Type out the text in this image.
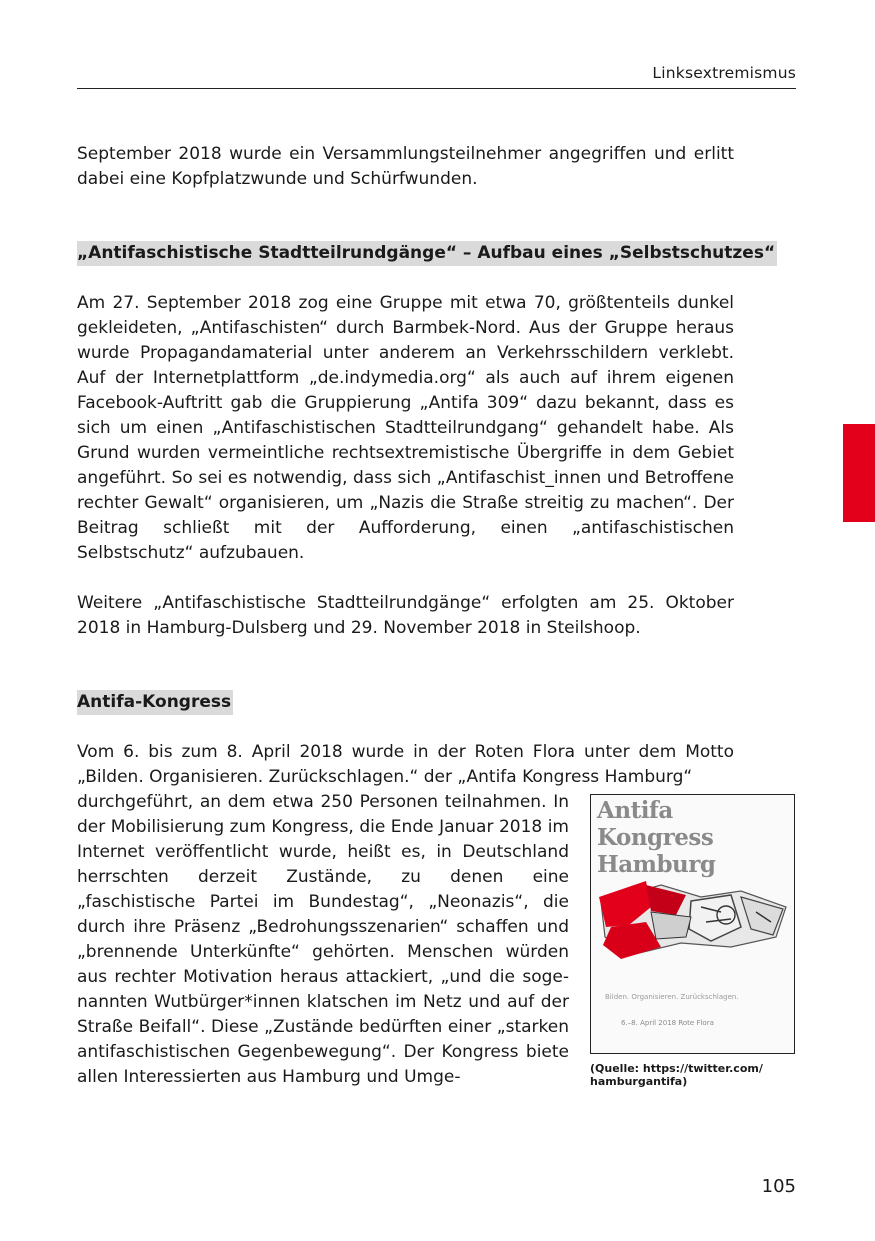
Linksextremismus

September 2018 wurde ein Versammlungsteilnehmer angegriffen und erlitt dabei eine Kopfplatzwunde und Schürfwunden.

„Antifaschistische Stadtteilrundgänge“ – Aufbau eines „Selbstschutzes“

Am 27. September 2018 zog eine Gruppe mit etwa 70, größtenteils dunkel gekleideten, „Antifaschisten“ durch Barmbek-Nord. Aus der Gruppe heraus wurde Propagandamaterial unter anderem an Verkehrsschildern verklebt. Auf der Internetplattform „de.indymedia.org“ als auch auf ihrem eigenen Facebook-Auftritt gab die Gruppierung „Antifa 309“ dazu bekannt, dass es sich um einen „Antifaschistischen Stadtteilrundgang“ gehandelt habe. Als Grund wurden vermeintliche rechtsextremistische Übergriffe in dem Gebiet angeführt. So sei es notwendig, dass sich „Antifaschist_innen und Betroffene rechter Gewalt“ organisieren, um „Nazis die Straße streitig zu machen“. Der Beitrag schließt mit der Aufforderung, einen „antifaschistischen Selbstschutz“ aufzubauen.

Weitere „Antifaschistische Stadtteilrundgänge“ erfolgten am 25. Oktober 2018 in Hamburg-Dulsberg und 29. November 2018 in Steilshoop.

Antifa-Kongress

Vom 6. bis zum 8. April 2018 wurde in der Roten Flora unter dem Motto „Bilden. Organisieren. Zurückschlagen.“ der „Antifa Kongress Hamburg“

durchgeführt, an dem etwa 250 Personen teilnahmen. In der Mobilisierung zum Kongress, die Ende Januar 2018 im Internet veröffentlicht wurde, heißt es, in Deutschland herrschten derzeit Zustände, zu denen eine „faschistische Partei im Bundestag“, „Neonazis“, die durch ihre Präsenz „Bedrohungsszenarien“ schaffen und „brennende Unterkünfte“ gehörten. Menschen würden aus rechter Motivation heraus attackiert, „und die sogenannten Wutbürger*innen klatschen im Netz und auf der Straße Beifall“. Diese „Zustände bedürften einer „starken antifaschistischen Gegenbewegung“. Der Kongress biete allen Interessierten aus Hamburg und Umge-

Antifa Kongress Hamburg
Bilden. Organisieren. Zurückschlagen.
6.–8. April 2018 Rote Flora
(Quelle: https://twitter.com/ hamburgantifa)
105
